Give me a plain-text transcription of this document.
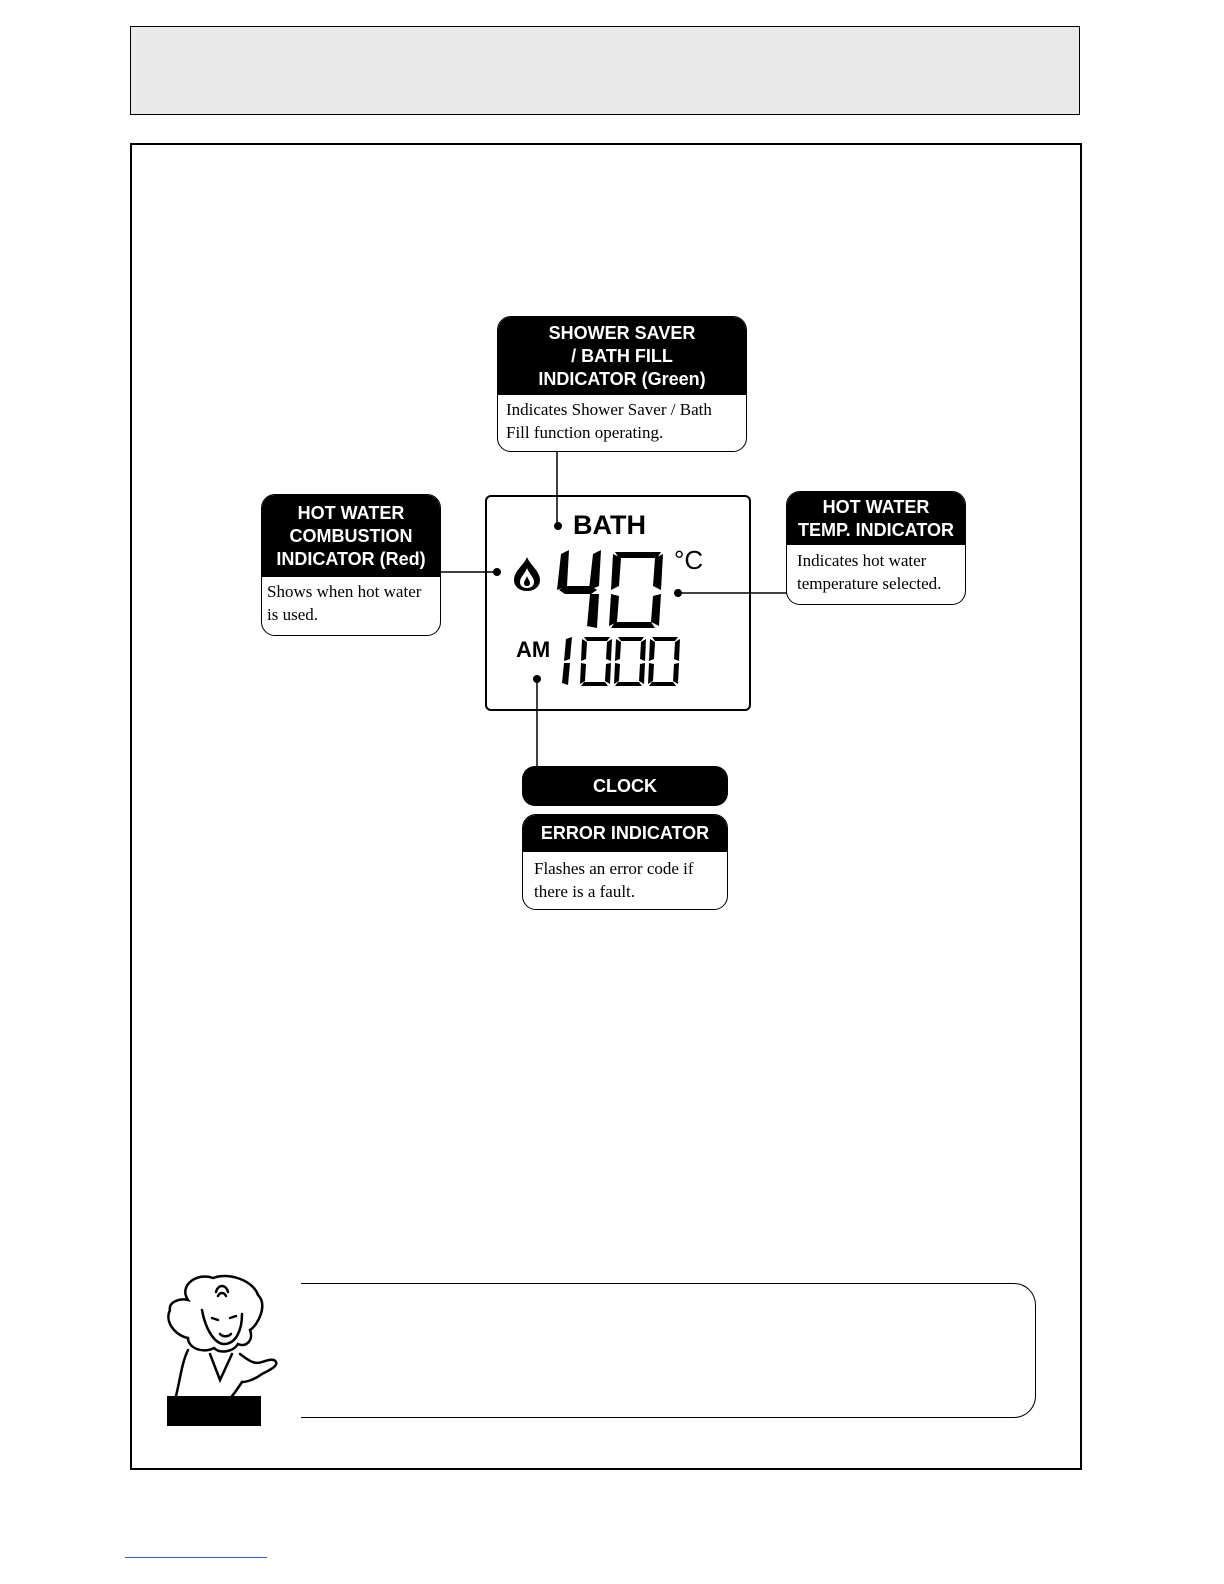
SHOWER SAVER
/ BATH FILL
INDICATOR (Green)
Indicates Shower Saver / Bath Fill function operating.
HOT WATER
COMBUSTION
INDICATOR (Red)
Shows when hot water is used.
HOT WATER
TEMP. INDICATOR
Indicates hot water temperature selected.
BATH
°C
AM
CLOCK
ERROR INDICATOR
Flashes an error code if there is a fault.
